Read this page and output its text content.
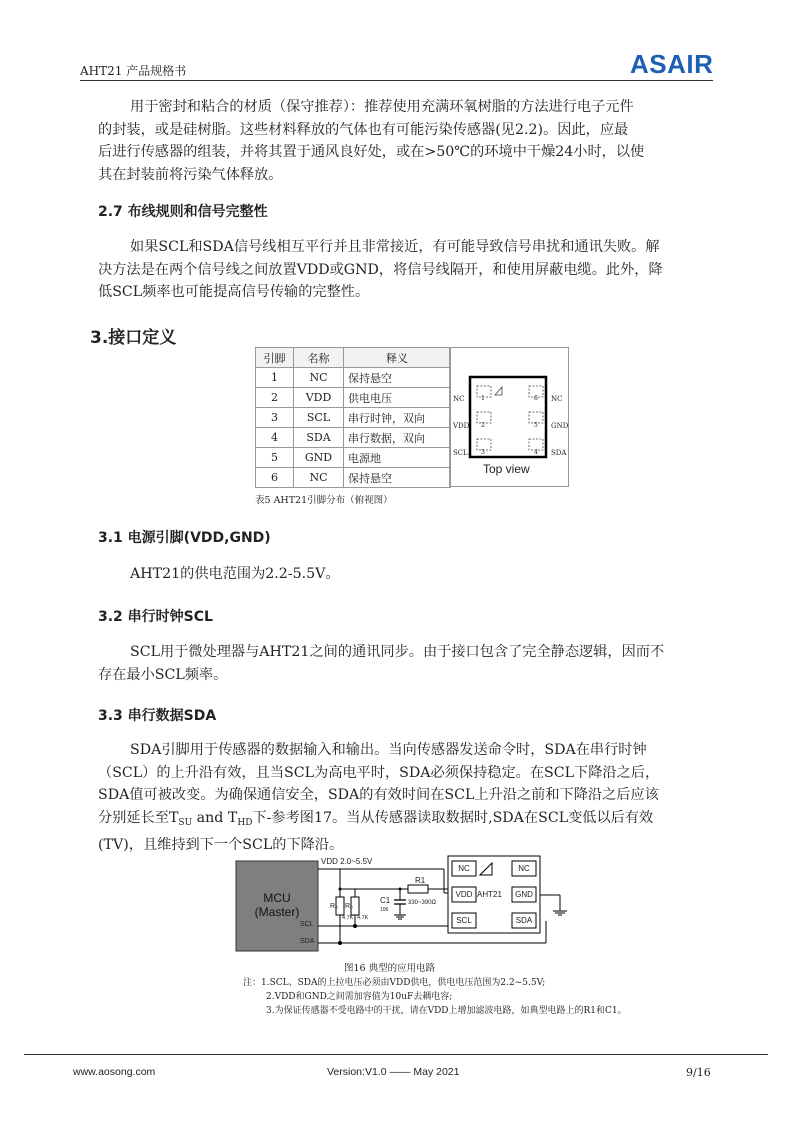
AHT21 产品规格书	ASAIR
用于密封和粘合的材质（保守推荐）：推荐使用充满环氧树脂的方法进行电子元件
的封装，或是硅树脂。这些材料释放的气体也有可能污染传感器(见2.2)。因此，应最
后进行传感器的组装，并将其置于通风良好处，或在>50℃的环境中干燥24小时，以使
其在封装前将污染气体释放。
2.7 布线规则和信号完整性
如果SCL和SDA信号线相互平行并且非常接近，有可能导致信号串扰和通讯失败。解
决方法是在两个信号线之间放置VDD或GND，将信号线隔开，和使用屏蔽电缆。此外，降
低SCL频率也可能提高信号传输的完整性。
3.接口定义
引脚	名称	释义
1	NC	保持悬空
2	VDD	供电电压
3	SCL	串行时钟，双向
4	SDA	串行数据，双向
5	GND	电源地
6	NC	保持悬空
NC
VDD
SCL
1
2
3
6
5
4
NC
GND
SDA
Top view
表5 AHT21引脚分布（俯视图）
3.1 电源引脚(VDD,GND)
AHT21的供电范围为2.2-5.5V。
3.2 串行时钟SCL
SCL用于微处理器与AHT21之间的通讯同步。由于接口包含了完全静态逻辑，因而不
存在最小SCL频率。
3.3 串行数据SDA
SDA引脚用于传感器的数据输入和输出。当向传感器发送命令时，SDA在串行时钟
（SCL）的上升沿有效，且当SCL为高电平时，SDA必须保持稳定。在SCL下降沿之后，
SDA值可被改变。为确保通信安全，SDA的有效时间在SCL上升沿之前和下降沿之后应该
分别延长至$T_{SU}$ and $T_{HD}$下-参考图17。当从传感器读取数据时,SDA在SCL变低以后有效
(TV)，且维持到下一个SCL的下降沿。
MCU
(Master)
SCL
SDA
VDD 2.0~5.5V
R1
330~390Ω
C1
106
Rₚ Rₚ
4.7K 4.7K
NC	NC
VDD	GND
SCL	SDA
AHT21
图16 典型的应用电路
注：1.SCL、SDA的上拉电压必须由VDD供电，供电电压范围为2.2~5.5V;
2.VDD和GND之间需加容值为10uF去耦电容;
3.为保证传感器不受电路中的干扰，请在VDD上增加滤波电路，如典型电路上的R1和C1。
www.aosong.com	Version:V1.0 —— May 2021	9/16
